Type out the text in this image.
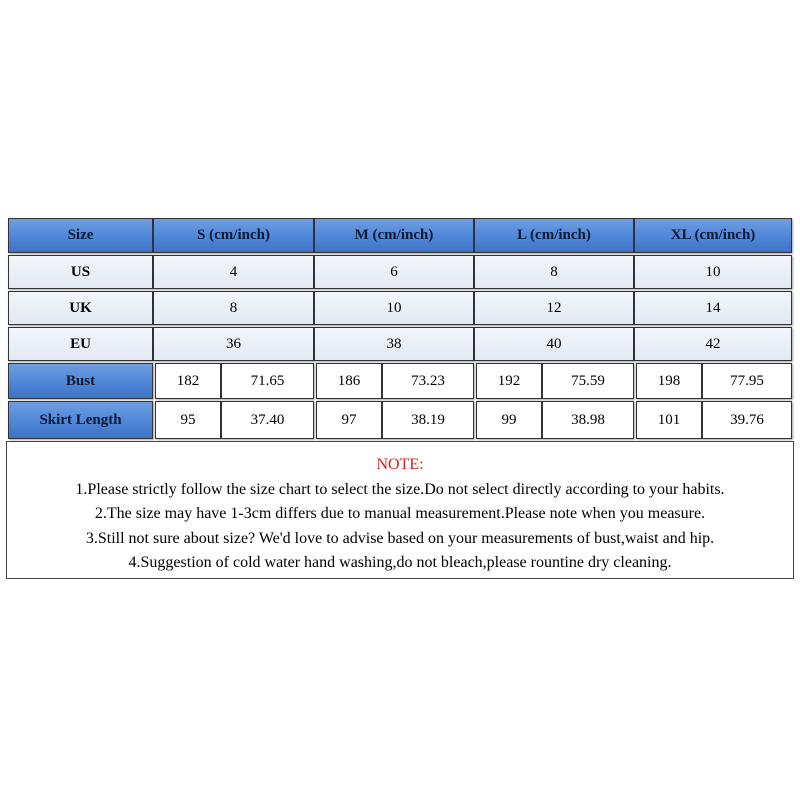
Size	S (cm/inch)	M (cm/inch)	L (cm/inch)	XL (cm/inch)
US	4	6	8	10
UK	8	10	12	14
EU	36	38	40	42
Bust	182	71.65	186	73.23	192	75.59	198	77.95
Skirt Length	95	37.40	97	38.19	99	38.98	101	39.76
NOTE:
1.Please strictly follow the size chart to select the size.Do not select directly according to your habits.
2.The size may have 1-3cm differs due to manual measurement.Please note when you measure.
3.Still not sure about size? We'd love to advise based on your measurements of bust,waist and hip.
4.Suggestion of cold water hand washing,do not bleach,please rountine dry cleaning.
